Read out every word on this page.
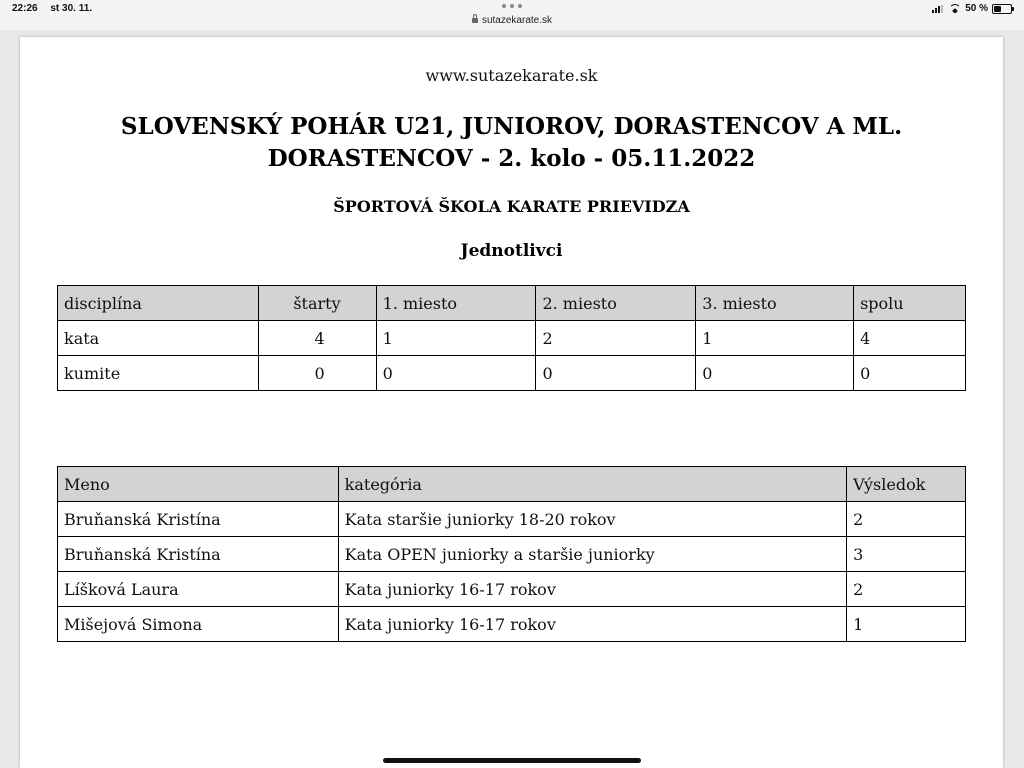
22:26 st 30. 11.
sutazekarate.sk
50 %
www.sutazekarate.sk
SLOVENSKÝ POHÁR U21, JUNIOROV, DORASTENCOV A ML. DORASTENCOV - 2. kolo - 05.11.2022
ŠPORTOVÁ ŠKOLA KARATE PRIEVIDZA
Jednotlivci
disciplína	štarty	1. miesto	2. miesto	3. miesto	spolu
kata	4	1	2	1	4
kumite	0	0	0	0	0
Meno	kategória	Výsledok
Bruňanská Kristína	Kata staršie juniorky 18-20 rokov	2
Bruňanská Kristína	Kata OPEN juniorky a staršie juniorky	3
Líšková Laura	Kata juniorky 16-17 rokov	2
Mišejová Simona	Kata juniorky 16-17 rokov	1
